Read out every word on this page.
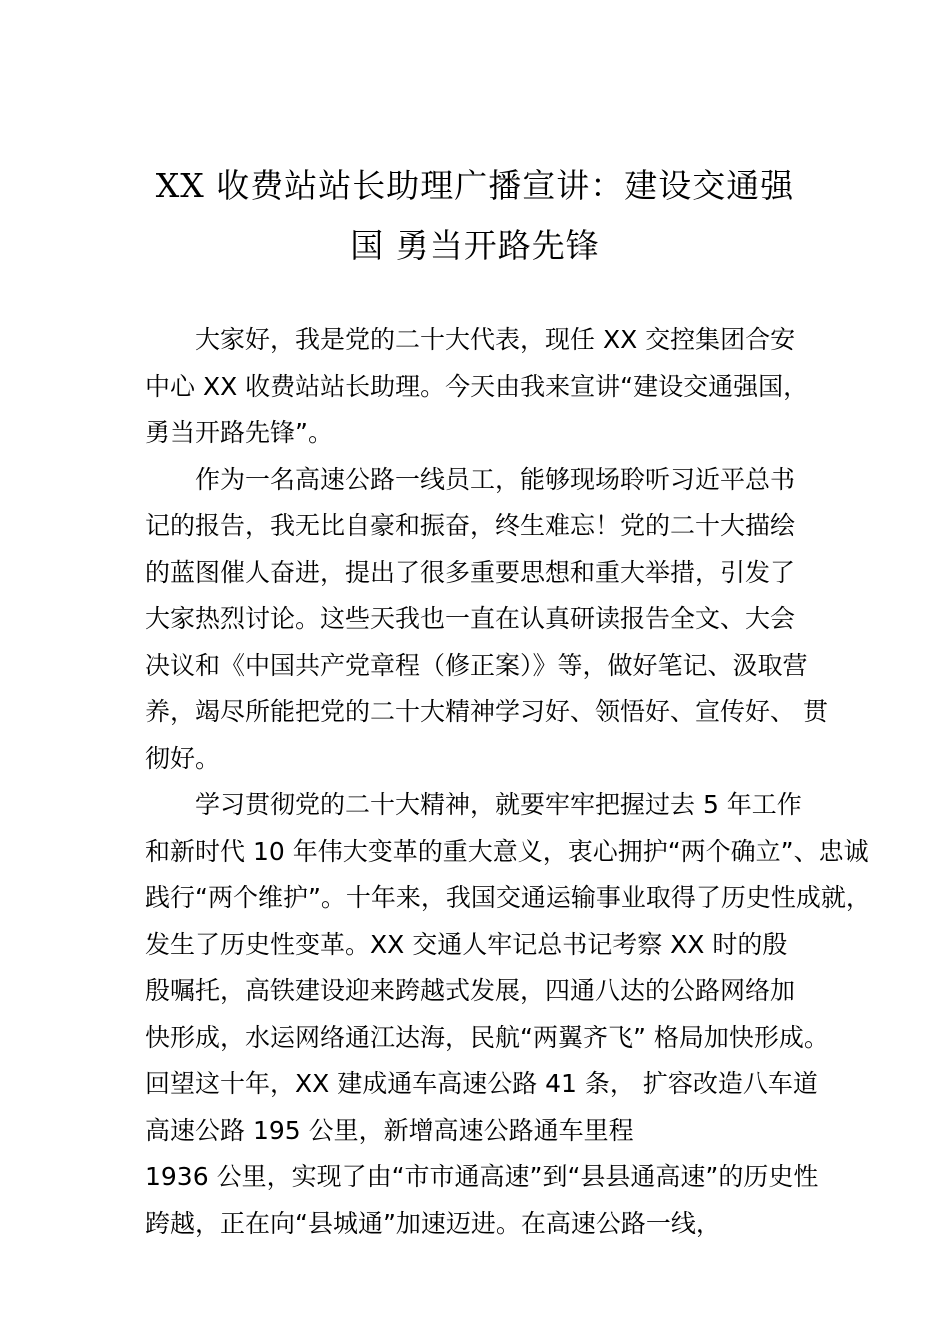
XX 收费站站长助理广播宣讲：建设交通强
国 勇当开路先锋
大家好，我是党的二十大代表，现任 XX 交控集团合安
中心 XX 收费站站长助理。今天由我来宣讲“建设交通强国，
勇当开路先锋”。
作为一名高速公路一线员工，能够现场聆听习近平总书
记的报告，我无比自豪和振奋，终生难忘！党的二十大描绘
的蓝图催人奋进，提出了很多重要思想和重大举措，引发了
大家热烈讨论。这些天我也一直在认真研读报告全文、大会
决议和《中国共产党章程（修正案）》等，做好笔记、汲取营
养，竭尽所能把党的二十大精神学习好、领悟好、宣传好、 贯
彻好。
学习贯彻党的二十大精神，就要牢牢把握过去 5 年工作
和新时代 10 年伟大变革的重大意义，衷心拥护“两个确立”、忠诚
践行“两个维护”。十年来，我国交通运输事业取得了历史性成就，
发生了历史性变革。XX 交通人牢记总书记考察 XX 时的殷
殷嘱托，高铁建设迎来跨越式发展，四通八达的公路网络加
快形成，水运网络通江达海，民航“两翼齐飞” 格局加快形成。
回望这十年，XX 建成通车高速公路 41 条， 扩容改造八车道
高速公路 195 公里，新增高速公路通车里程
1936 公里，实现了由“市市通高速”到“县县通高速”的历史性
跨越，正在向“县城通”加速迈进。在高速公路一线，
